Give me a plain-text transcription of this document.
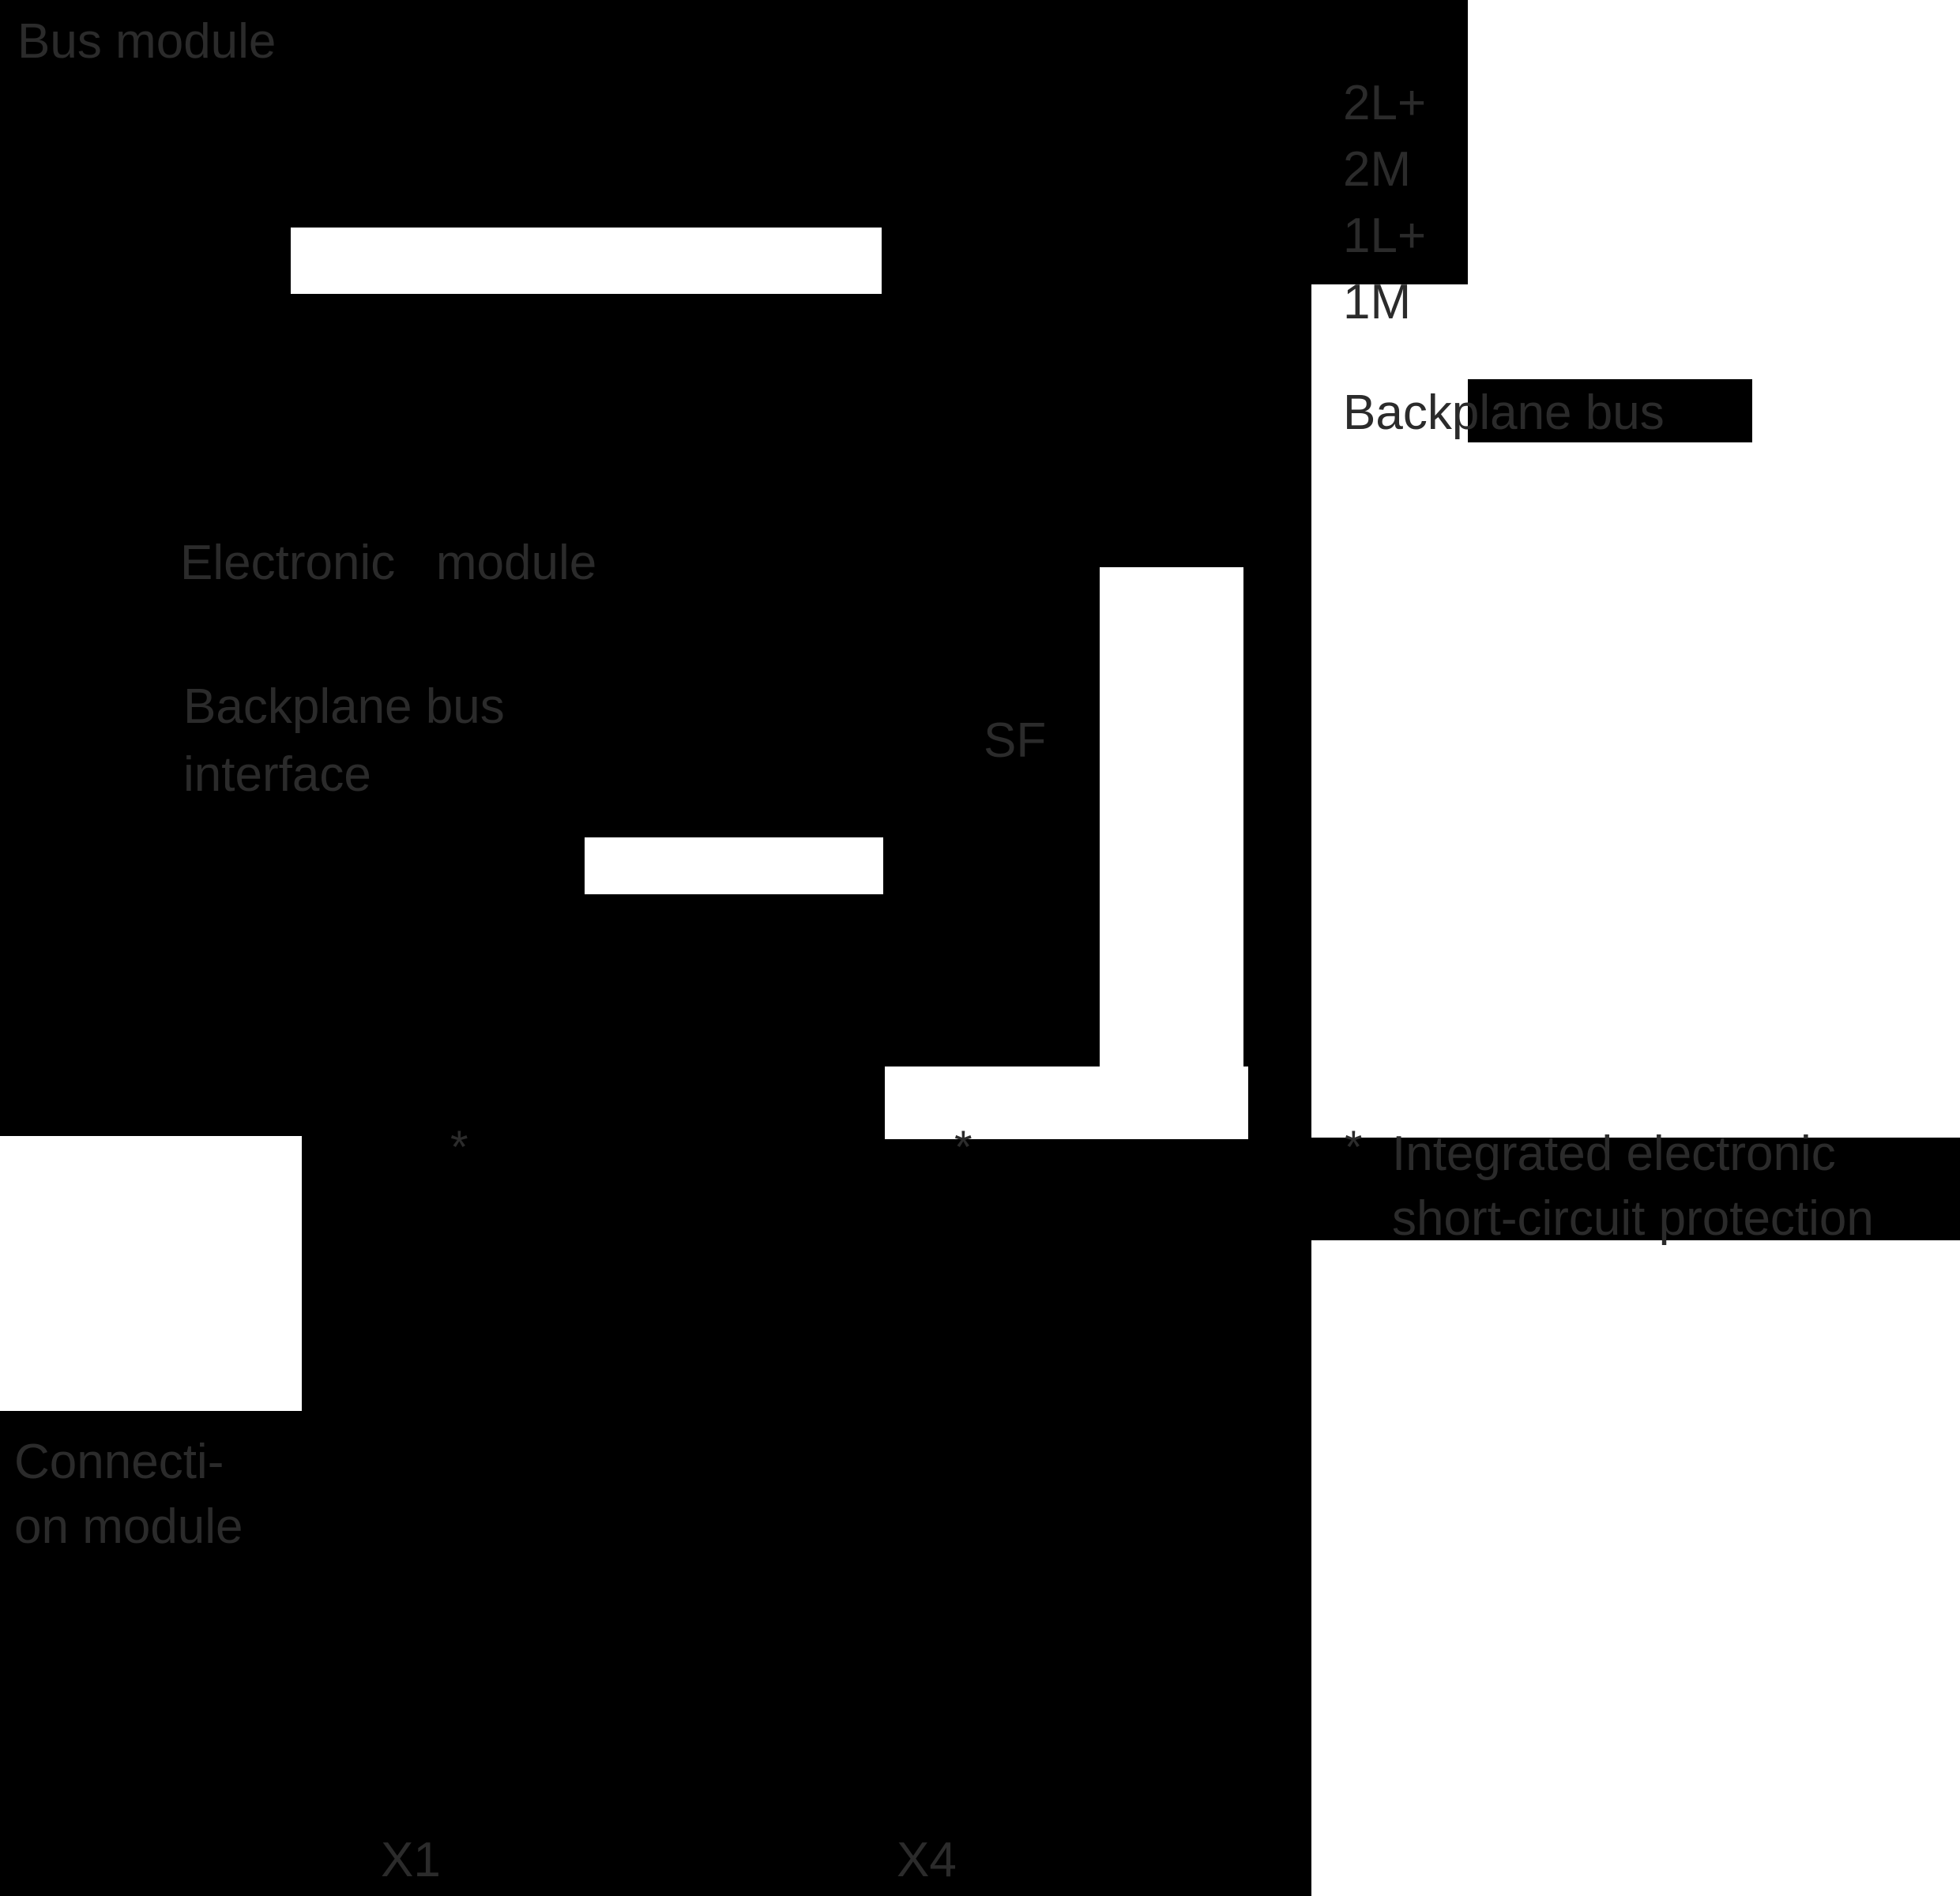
Bus module
2L+
2M
1L+
1M
Backplane bus
Electronic   module
Backplane bus
interface
SF
*	*	* Integrated electronic
short-circuit protection
Connecti-
on module
X1	X4
